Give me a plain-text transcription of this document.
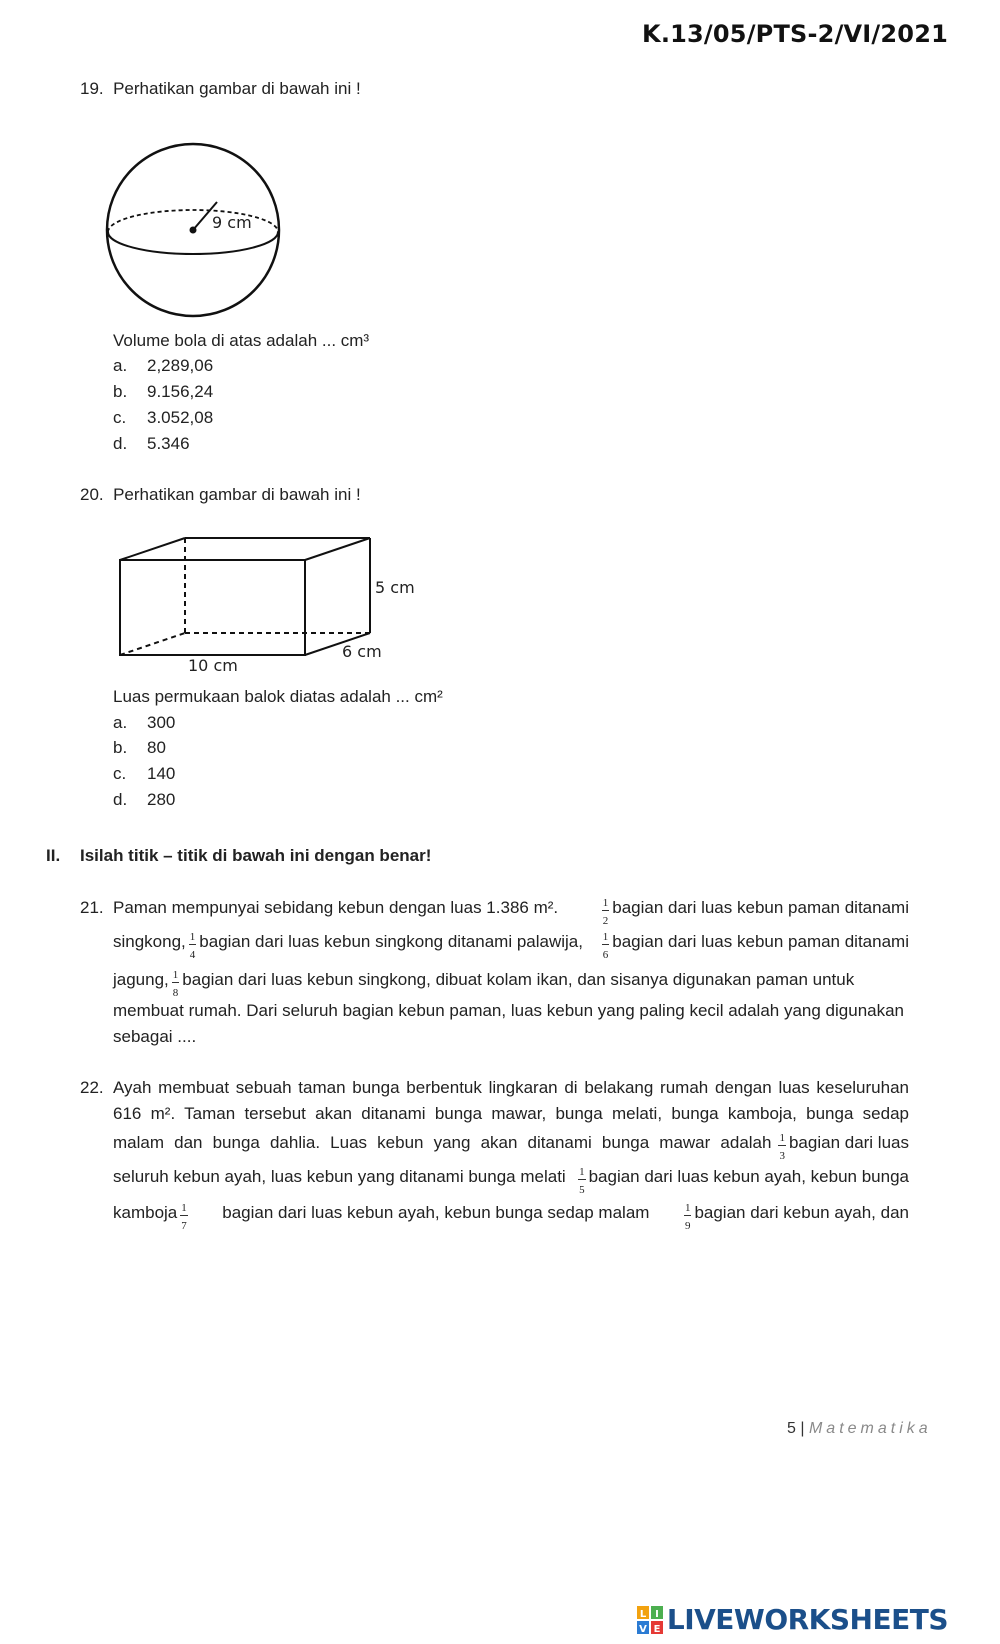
K.13/05/PTS-2/VI/2021
19. Perhatikan gambar di bawah ini !
9 cm
Volume bola di atas adalah ... cm³
a. 2,289,06
b. 9.156,24
c. 3.052,08
d. 5.346
20. Perhatikan gambar di bawah ini !
5 cm
10 cm
6 cm
Luas permukaan balok diatas adalah ... cm²
a. 300
b. 80
c. 140
d. 280
II. Isilah titik – titik di bawah ini dengan benar!
21. Paman mempunyai sebidang kebun dengan luas 1.386 m².	$\frac{1}{2}$ bagian dari luas kebun paman ditanami
singkong, $\frac{1}{4}$ bagian dari luas kebun singkong ditanami palawija, $\frac{1}{6}$ bagian dari luas kebun paman ditanami
jagung, $\frac{1}{8}$ bagian dari luas kebun singkong, dibuat kolam ikan, dan sisanya digunakan paman untuk
membuat rumah. Dari seluruh bagian kebun paman, luas kebun yang paling kecil adalah yang digunakan
sebagai ....
22. Ayah membuat sebuah taman bunga berbentuk lingkaran di belakang rumah dengan luas keseluruhan
616 m². Taman tersebut akan ditanami bunga mawar, bunga melati, bunga kamboja, bunga sedap
malam dan bunga dahlia. Luas kebun yang akan ditanami bunga mawar adalah $\frac{1}{3}$ bagian dari luas
seluruh kebun ayah, luas kebun yang ditanami bunga melati $\frac{1}{5}$ bagian dari luas kebun ayah, kebun bunga
kamboja $\frac{1}{7}$ bagian dari luas kebun ayah, kebun bunga sedap malam	$\frac{1}{9}$ bagian dari kebun ayah, dan
5 | Matematika
L I
V E LIVEWORKSHEETS
